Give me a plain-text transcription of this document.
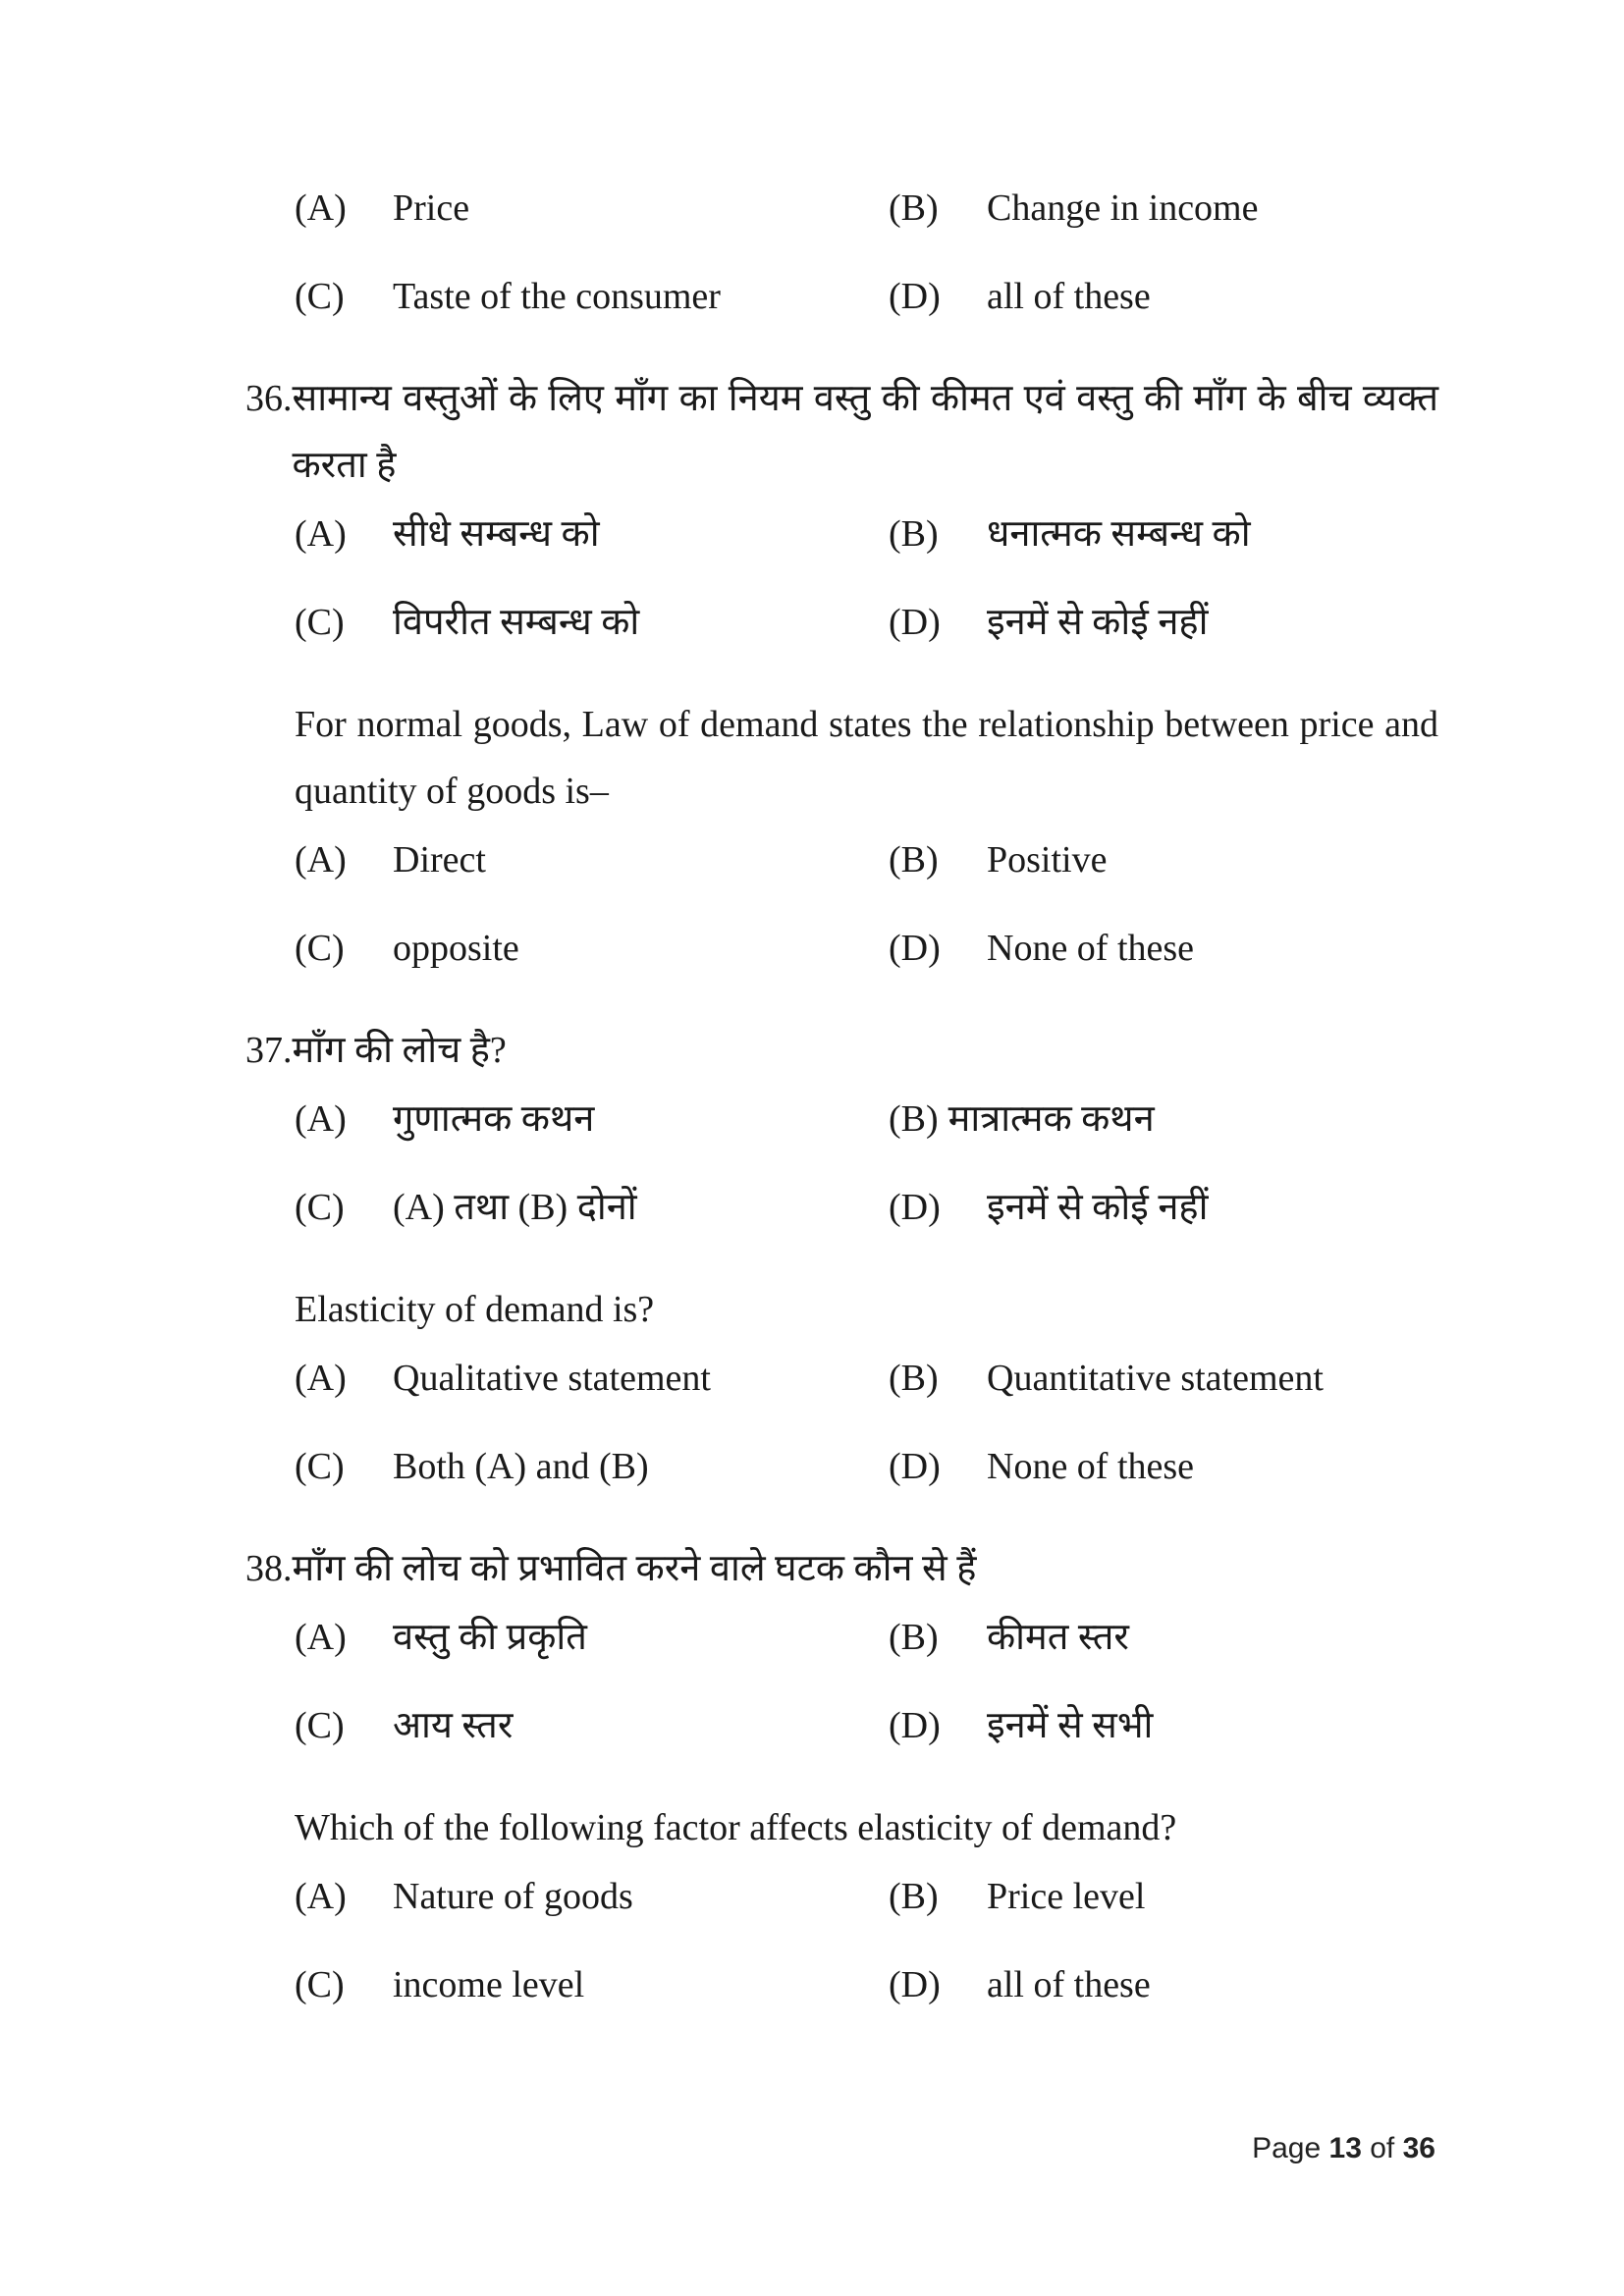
(A)	Price	(B)	Change in income
(C)	Taste of the consumer	(D)	all of these
36. सामान्य वस्तुओं के लिए माँग का नियम वस्तु की कीमत एवं वस्तु की माँग के बीच व्यक्त करता है
(A)	सीधे सम्बन्ध को	(B)	धनात्मक सम्बन्ध को
(C)	विपरीत सम्बन्ध को	(D)	इनमें से कोई नहीं
For normal goods, Law of demand states the relationship between price and quantity of goods is–
(A)	Direct	(B)	Positive
(C)	opposite	(D)	None of these
37. माँग की लोच है?
(A)	गुणात्मक कथन	(B) मात्रात्मक कथन
(C)	(A) तथा (B) दोनों	(D)	इनमें से कोई नहीं
Elasticity of demand is?
(A)	Qualitative statement	(B)	Quantitative statement
(C)	Both (A) and (B)	(D)	None of these
38. माँग की लोच को प्रभावित करने वाले घटक कौन से हैं
(A)	वस्तु की प्रकृति	(B)	कीमत स्तर
(C)	आय स्तर	(D)	इनमें से सभी
Which of the following factor affects elasticity of demand?
(A)	Nature of goods	(B)	Price level
(C)	income level	(D)	all of these
Page 13 of 36
